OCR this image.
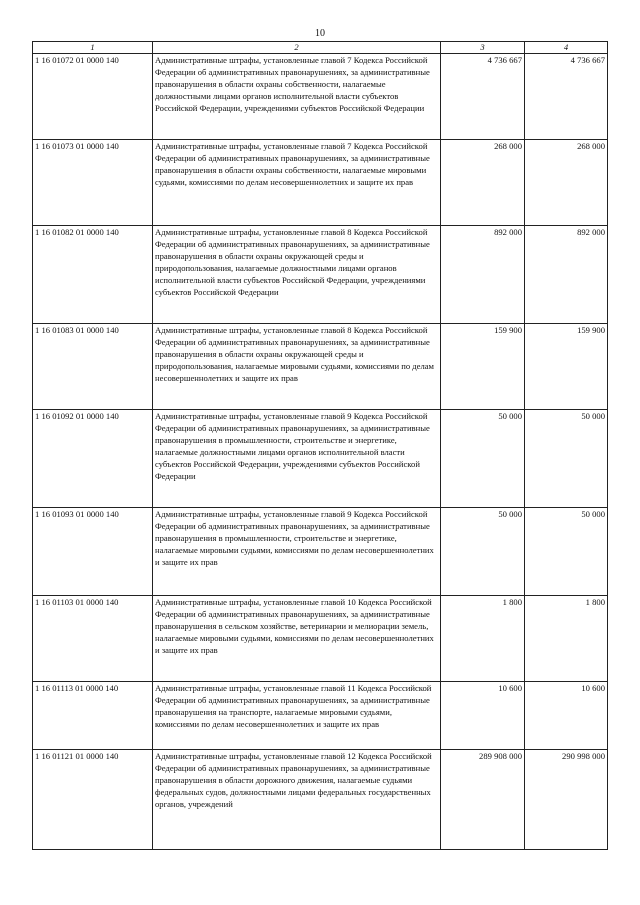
10
1	2	3	4
1 16 01072 01 0000 140	Административные штрафы, установленные главой 7 Кодекса Российской Федерации об административных правонарушениях, за административные правонарушения в области охраны собственности, налагаемые должностными лицами органов исполнительной власти субъектов Российской Федерации, учреждениями субъектов Российской Федерации	4 736 667	4 736 667
1 16 01073 01 0000 140	Административные штрафы, установленные главой 7 Кодекса Российской Федерации об административных правонарушениях, за административные правонарушения в области охраны собственности, налагаемые мировыми судьями, комиссиями по делам несовершеннолетних и защите их прав	268 000	268 000
1 16 01082 01 0000 140	Административные штрафы, установленные главой 8 Кодекса Российской Федерации об административных правонарушениях, за административные правонарушения в области охраны окружающей среды и природопользования, налагаемые должностными лицами органов исполнительной власти субъектов Российской Федерации, учреждениями субъектов Российской Федерации	892 000	892 000
1 16 01083 01 0000 140	Административные штрафы, установленные главой 8 Кодекса Российской Федерации об административных правонарушениях, за административные правонарушения в области охраны окружающей среды и природопользования, налагаемые мировыми судьями, комиссиями по делам несовершеннолетних и защите их прав	159 900	159 900
1 16 01092 01 0000 140	Административные штрафы, установленные главой 9 Кодекса Российской Федерации об административных правонарушениях, за административные правонарушения в промышленности, строительстве и энергетике, налагаемые должностными лицами органов исполнительной власти субъектов Российской Федерации, учреждениями субъектов Российской Федерации	50 000	50 000
1 16 01093 01 0000 140	Административные штрафы, установленные главой 9 Кодекса Российской Федерации об административных правонарушениях, за административные правонарушения в промышленности, строительстве и энергетике, налагаемые мировыми судьями, комиссиями по делам несовершеннолетних и защите их прав	50 000	50 000
1 16 01103 01 0000 140	Административные штрафы, установленные главой 10 Кодекса Российской Федерации об административных правонарушениях, за административные правонарушения в сельском хозяйстве, ветеринарии и мелиорации земель, налагаемые мировыми судьями, комиссиями по делам несовершеннолетних и защите их прав	1 800	1 800
1 16 01113 01 0000 140	Административные штрафы, установленные главой 11 Кодекса Российской Федерации об административных правонарушениях, за административные правонарушения на транспорте, налагаемые мировыми судьями, комиссиями по делам несовершеннолетних и защите их прав	10 600	10 600
1 16 01121 01 0000 140	Административные штрафы, установленные главой 12 Кодекса Российской Федерации об административных правонарушениях, за административные правонарушения в области дорожного движения, налагаемые судьями федеральных судов, должностными лицами федеральных государственных органов, учреждений	289 908 000	290 998 000
